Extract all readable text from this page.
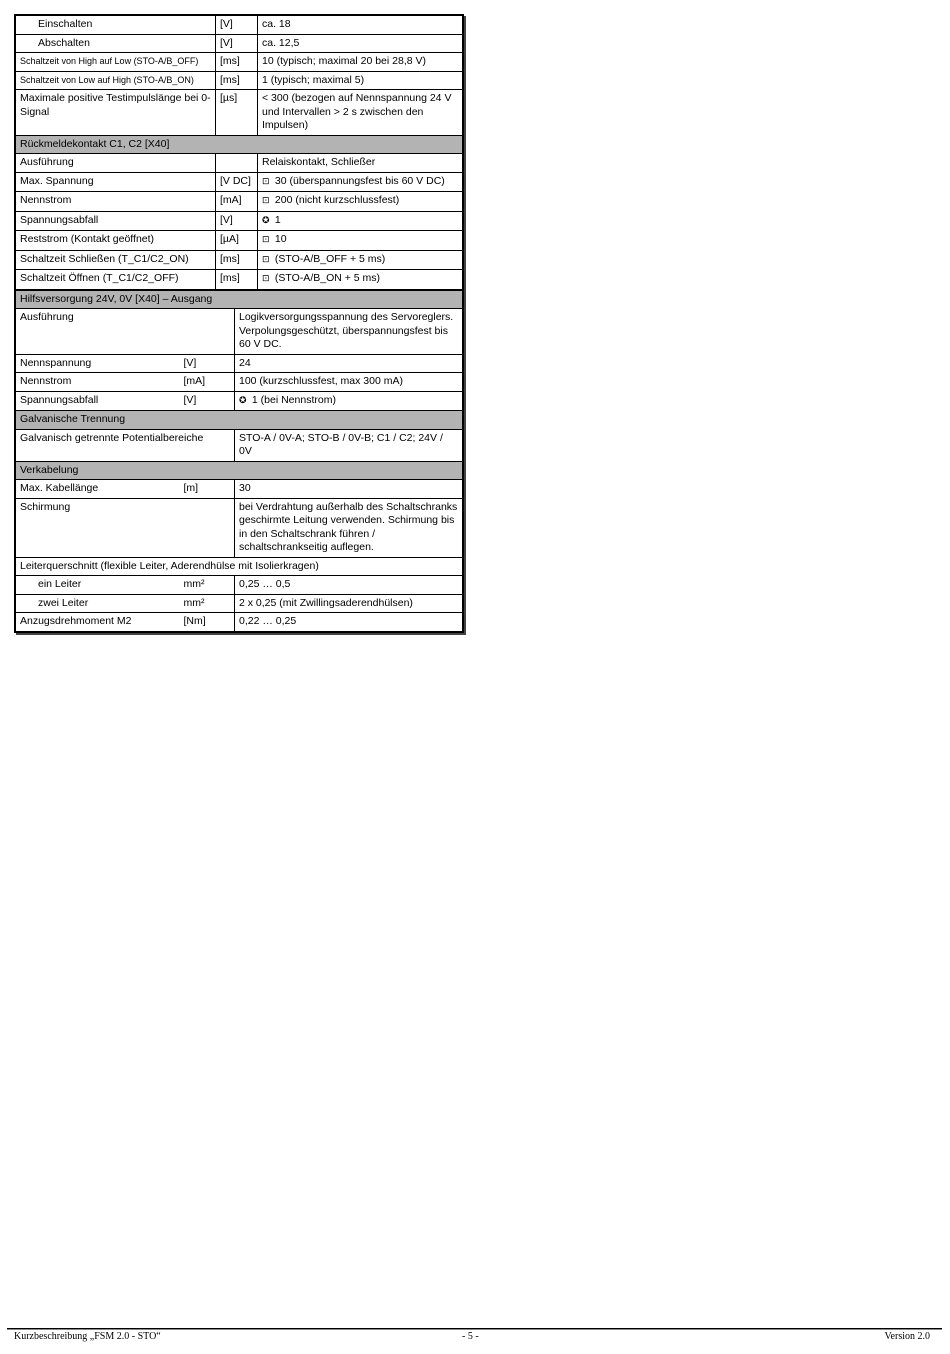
Einschalten	[V]	ca. 18
Abschalten	[V]	ca. 12,5
Schaltzeit von High auf Low (STO-A/B_OFF)	[ms]	10 (typisch; maximal 20 bei 28,8 V)
Schaltzeit von Low auf High (STO-A/B_ON)	[ms]	1 (typisch; maximal 5)
Maximale positive Testimpulslänge bei 0-Signal	[µs]	< 300 (bezogen auf Nennspannung 24 V und Intervallen > 2 s zwischen den Impulsen)
Rückmeldekontakt C1, C2 [X40]		
Ausführung		Relaiskontakt, Schließer
Max. Spannung	[V DC]	⊡ 30 (überspannungsfest bis 60 V DC)
Nennstrom	[mA]	⊡ 200 (nicht kurzschlussfest)
Spannungsabfall	[V]	✪ 1
Reststrom (Kontakt geöffnet)	[µA]	⊡ 10
Schaltzeit Schließen (T_C1/C2_ON)	[ms]	⊡ (STO-A/B_OFF + 5 ms)
Schaltzeit Öffnen (T_C1/C2_OFF)	[ms]	⊡ (STO-A/B_ON + 5 ms)
Hilfsversorgung 24V, 0V [X40] – Ausgang		
Ausführung		Logikversorgungsspannung des Servoreglers. Verpolungsgeschützt, überspannungsfest bis 60 V DC.
Nennspannung	[V]	24
Nennstrom	[mA]	100 (kurzschlussfest, max 300 mA)
Spannungsabfall	[V]	✪ 1 (bei Nennstrom)
Galvanische Trennung		
Galvanisch getrennte Potentialbereiche		STO-A / 0V-A; STO-B / 0V-B; C1 / C2; 24V / 0V
Verkabelung		
Max. Kabellänge	[m]	30
Schirmung		bei Verdrahtung außerhalb des Schaltschranks geschirmte Leitung verwenden. Schirmung bis in den Schaltschrank führen / schaltschrankseitig auflegen.
Leiterquerschnitt (flexible Leiter, Aderendhülse mit Isolierkragen)		
ein Leiter	mm²	0,25 … 0,5
zwei Leiter	mm²	2 x 0,25 (mit Zwillingsaderendhülsen)
Anzugsdrehmoment M2	[Nm]	0,22 … 0,25
Kurzbeschreibung „FSM 2.0 - STO“	- 5 -	Version 2.0
